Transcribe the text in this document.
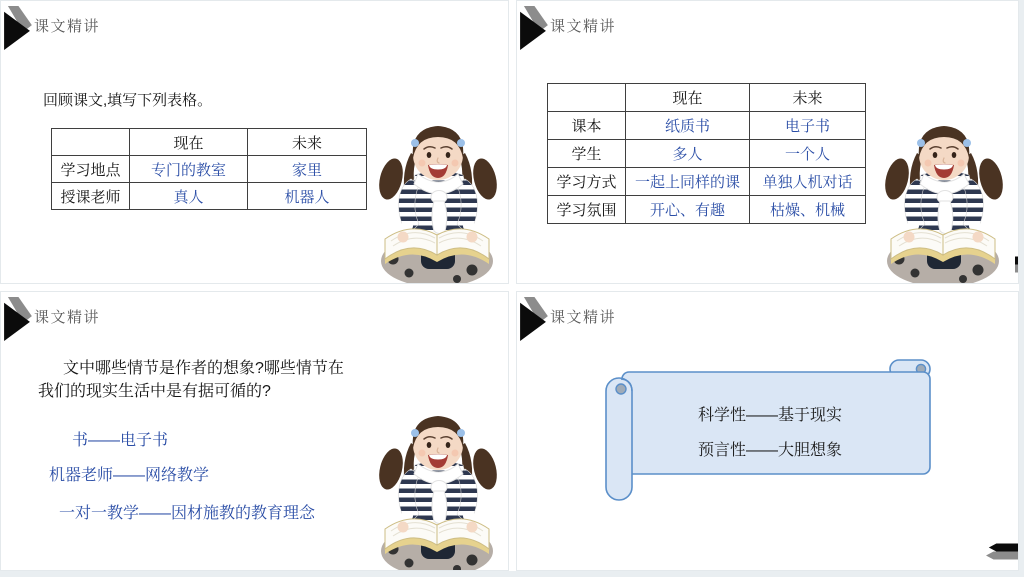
课文精讲
回顾课文,填写下列表格。
	现在	未来
学习地点	专门的教室	家里
授课老师	真人	机器人
课文精讲
	现在	未来
课本	纸质书	电子书
学生	多人	一个人
学习方式	一起上同样的课	单独人机对话
学习氛围	开心、有趣	枯燥、机械
课文精讲
文中哪些情节是作者的想象?哪些情节在
我们的现实生活中是有据可循的?
书——电子书
机器老师——网络教学
一对一教学——因材施教的教育理念
课文精讲
科学性——基于现实
预言性——大胆想象
